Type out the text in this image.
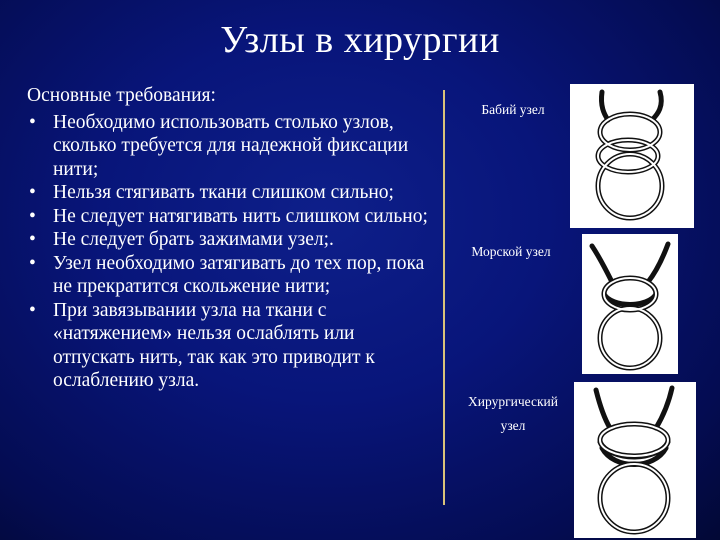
Узлы в хирургии
Основные требования:
• Необходимо использовать столько узлов, сколько требуется для надежной фиксации нити;
• Нельзя стягивать ткани слишком сильно;
• Не следует натягивать нить слишком сильно;
• Не следует брать зажимами узел;.
• Узел необходимо затягивать до тех пор, пока не прекратится скольжение нити;
• При завязывании узла на ткани с «натяжением» нельзя ослаблять или отпускать нить, так как это приводит к ослаблению узла.
Бабий узел
Морской узел
Хирургический узел
